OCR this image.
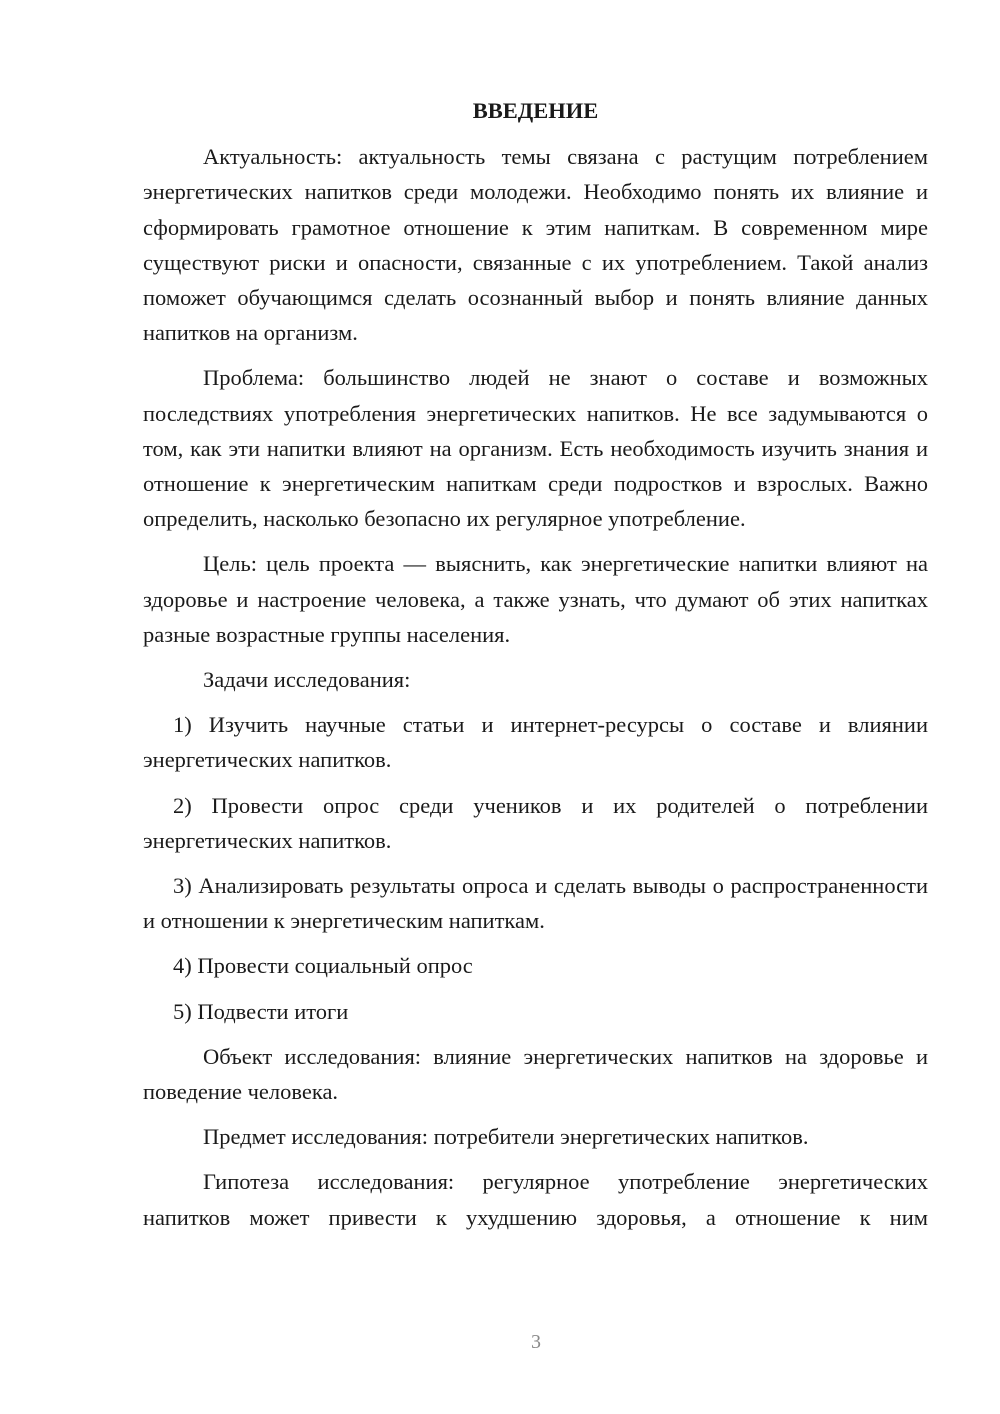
ВВЕДЕНИЕ

Актуальность: актуальность темы связана с растущим потреблением энергетических напитков среди молодежи. Необходимо понять их влияние и сформировать грамотное отношение к этим напиткам. В современном мире существуют риски и опасности, связанные с их употреблением. Такой анализ поможет обучающимся сделать осознанный выбор и понять влияние данных напитков на организм.

Проблема: большинство людей не знают о составе и возможных последствиях употребления энергетических напитков. Не все задумываются о том, как эти напитки влияют на организм. Есть необходимость изучить знания и отношение к энергетическим напиткам среди подростков и взрослых. Важно определить, насколько безопасно их регулярное употребление.

Цель: цель проекта — выяснить, как энергетические напитки влияют на здоровье и настроение человека, а также узнать, что думают об этих напитках разные возрастные группы населения.

Задачи исследования:

1) Изучить научные статьи и интернет-ресурсы о составе и влиянии энергетических напитков.

2) Провести опрос среди учеников и их родителей о потреблении энергетических напитков.

3) Анализировать результаты опроса и сделать выводы о распространенности и отношении к энергетическим напиткам.

4) Провести социальный опрос

5) Подвести итоги

Объект исследования: влияние энергетических напитков на здоровье и поведение человека.

Предмет исследования: потребители энергетических напитков.

Гипотеза исследования: регулярное употребление энергетических напитков может привести к ухудшению здоровья, а отношение к ним

3
